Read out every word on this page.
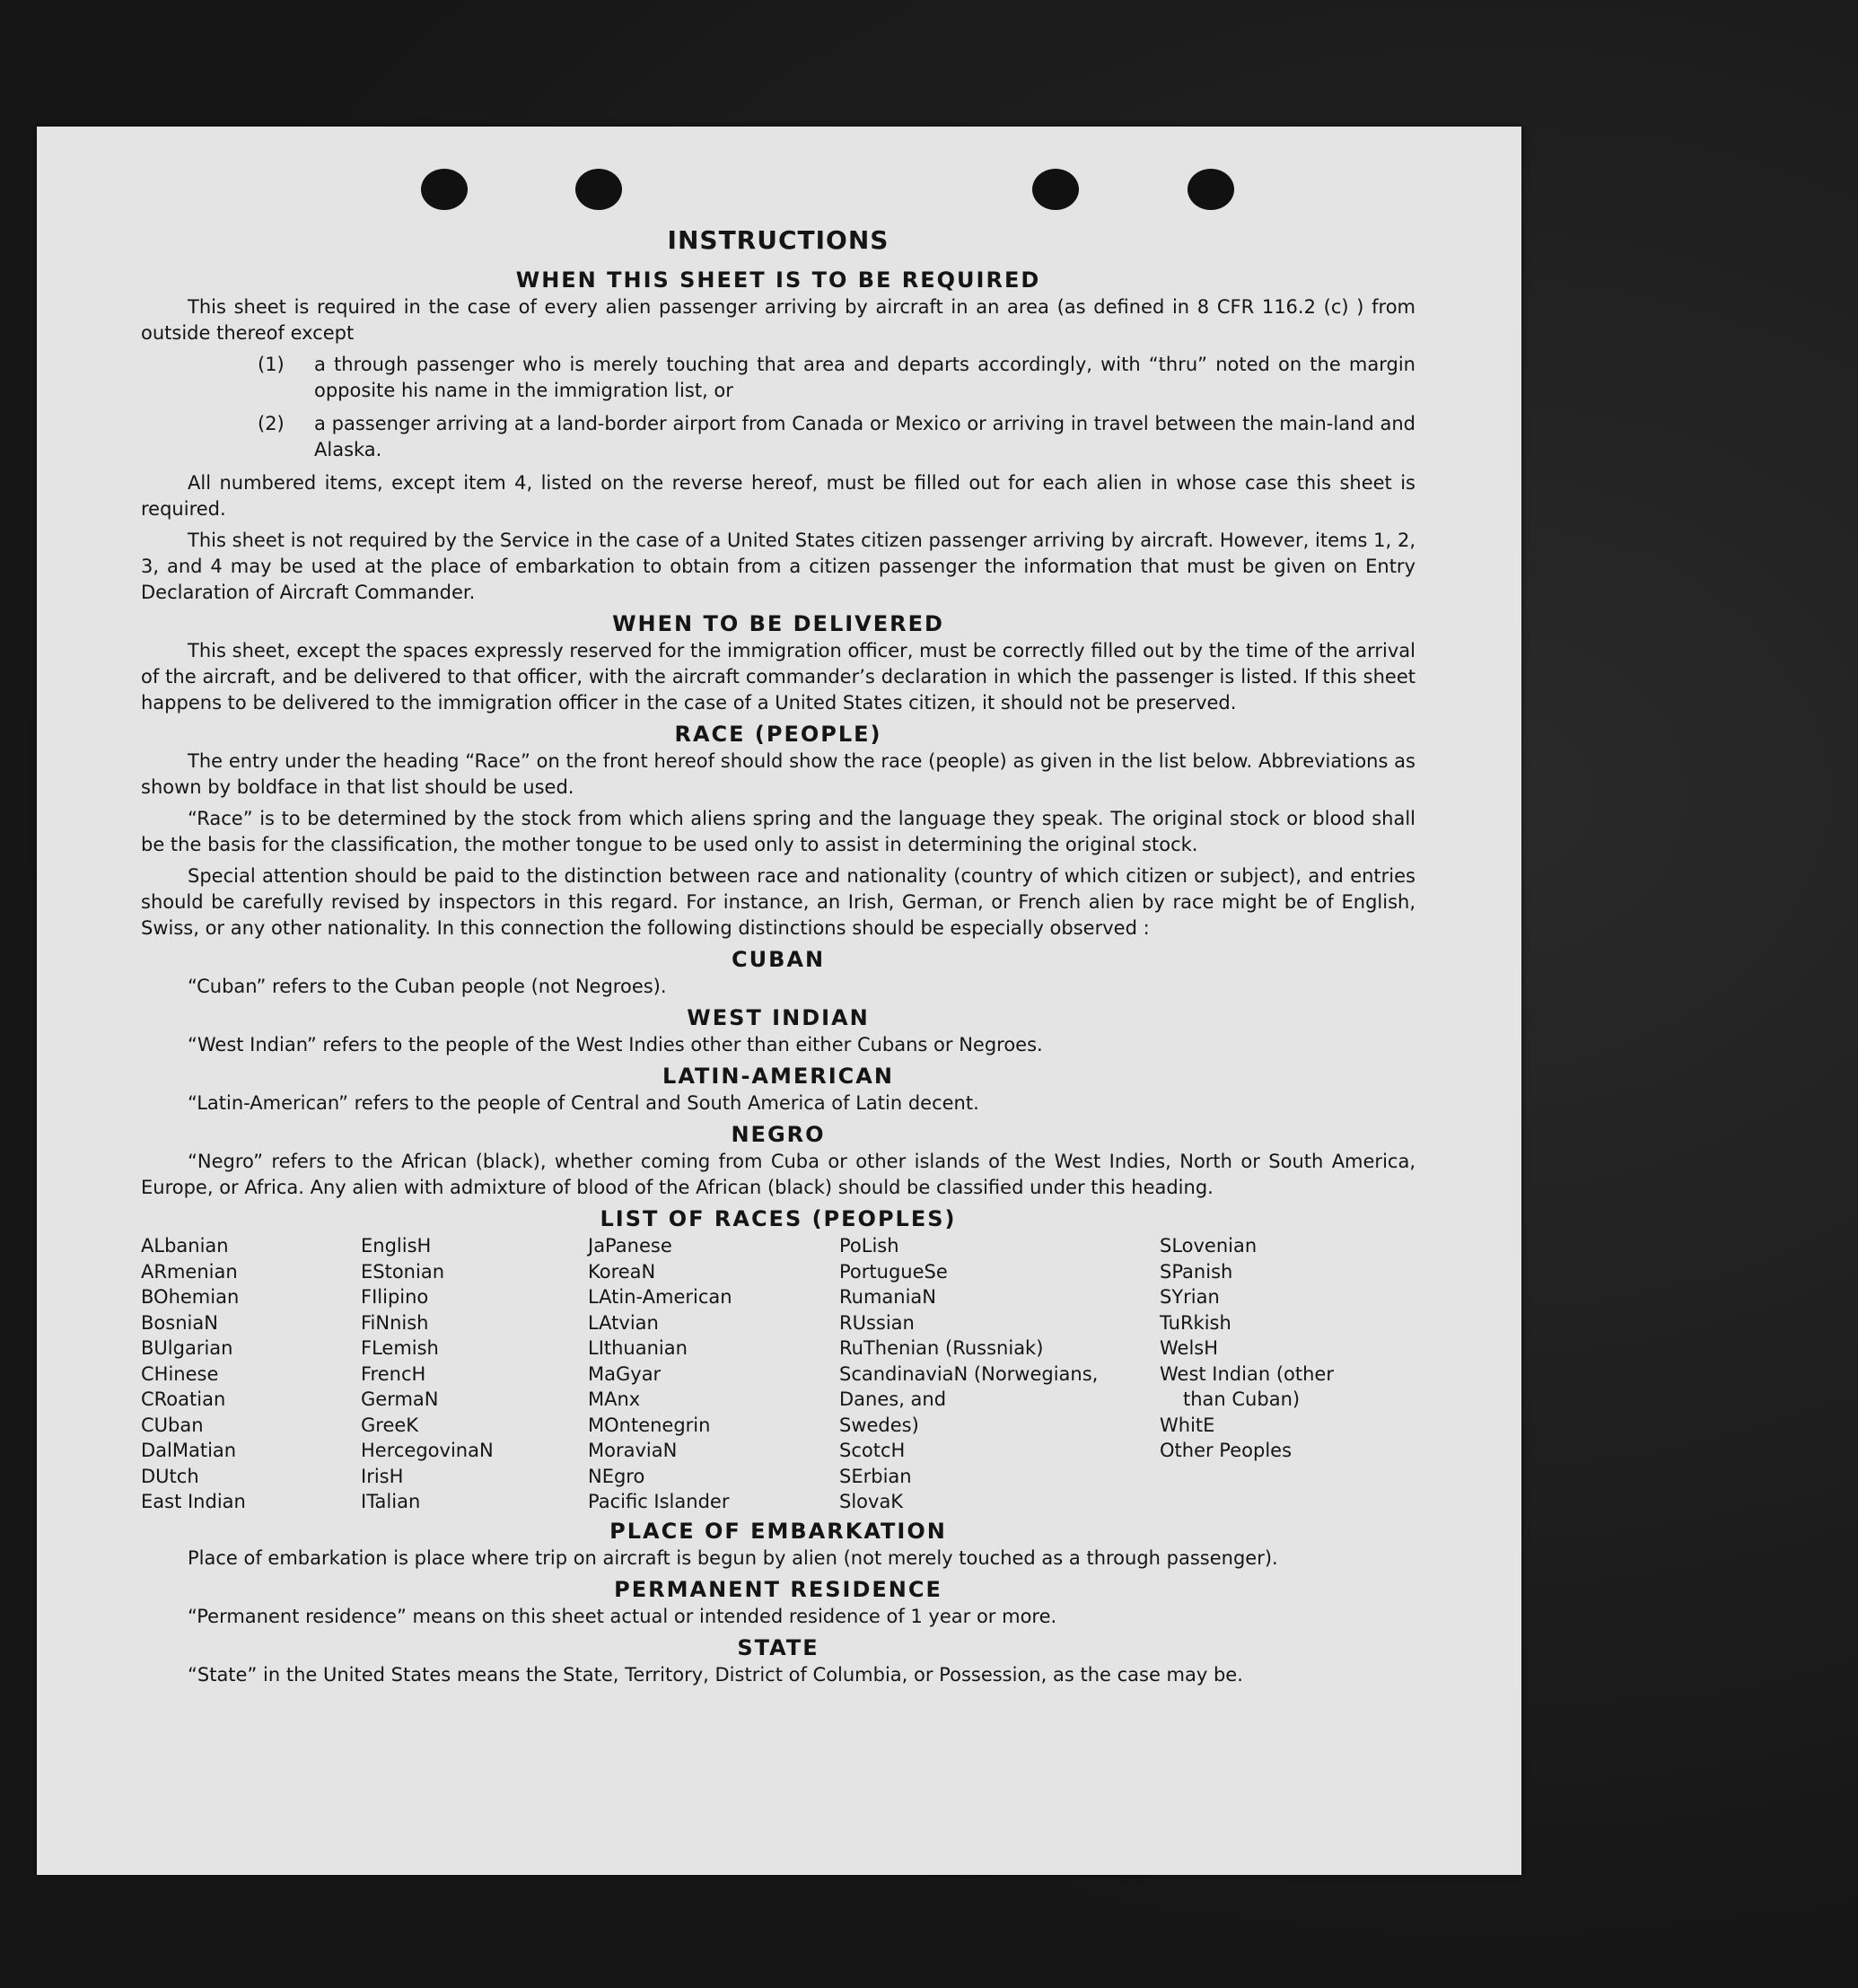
INSTRUCTIONS
WHEN THIS SHEET IS TO BE REQUIRED

This sheet is required in the case of every alien passenger arriving by aircraft in an area (as defined in 8 CFR 116.2 (c) ) from outside thereof except

(1)	a through passenger who is merely touching that area and departs accordingly, with “thru” noted on the margin opposite his name in the immigration list, or
(2)	a passenger arriving at a land-border airport from Canada or Mexico or arriving in travel between the main-land and Alaska.

All numbered items, except item 4, listed on the reverse hereof, must be filled out for each alien in whose case this sheet is required.

This sheet is not required by the Service in the case of a United States citizen passenger arriving by aircraft. However, items 1, 2, 3, and 4 may be used at the place of embarkation to obtain from a citizen passenger the information that must be given on Entry Declaration of Aircraft Commander.

WHEN TO BE DELIVERED

This sheet, except the spaces expressly reserved for the immigration officer, must be correctly filled out by the time of the arrival of the aircraft, and be delivered to that officer, with the aircraft commander’s declaration in which the passenger is listed. If this sheet happens to be delivered to the immigration officer in the case of a United States citizen, it should not be preserved.

RACE (PEOPLE)

The entry under the heading “Race” on the front hereof should show the race (people) as given in the list below. Abbreviations as shown by boldface in that list should be used.

“Race” is to be determined by the stock from which aliens spring and the language they speak. The original stock or blood shall be the basis for the classification, the mother tongue to be used only to assist in determining the original stock.

Special attention should be paid to the distinction between race and nationality (country of which citizen or subject), and entries should be carefully revised by inspectors in this regard. For instance, an Irish, German, or French alien by race might be of English, Swiss, or any other nationality. In this connection the following distinctions should be especially observed :

CUBAN

“Cuban” refers to the Cuban people (not Negroes).

WEST INDIAN

“West Indian” refers to the people of the West Indies other than either Cubans or Negroes.

LATIN-AMERICAN

“Latin-American” refers to the people of Central and South America of Latin decent.

NEGRO

“Negro” refers to the African (black), whether coming from Cuba or other islands of the West Indies, North or South America, Europe, or Africa. Any alien with admixture of blood of the African (black) should be classified under this heading.

LIST OF RACES (PEOPLES)
ALbanian
ARmenian
BOhemian
BosniaN
BUlgarian
CHinese
CRoatian
CUban
DalMatian
DUtch
East Indian
EnglisH
EStonian
FIlipino
FiNnish
FLemish
FrencH
GermaN
GreeK
HercegovinaN
IrisH
ITalian
JaPanese
KoreaN
LAtin-American
LAtvian
LIthuanian
MaGyar
MAnx
MOntenegrin
MoraviaN
NEgro
Pacific Islander
PoLish
PortugueSe
RumaniaN
RUssian
RuThenian (Russniak)
ScandinaviaN (Norwegians,
Danes, and
Swedes)
ScotcH
SErbian
SlovaK
SLovenian
SPanish
SYrian
TuRkish
WelsH
West Indian (other
than Cuban)
WhitE
Other Peoples
PLACE OF EMBARKATION

Place of embarkation is place where trip on aircraft is begun by alien (not merely touched as a through passenger).

PERMANENT RESIDENCE

“Permanent residence” means on this sheet actual or intended residence of 1 year or more.

STATE

“State” in the United States means the State, Territory, District of Columbia, or Possession, as the case may be.
